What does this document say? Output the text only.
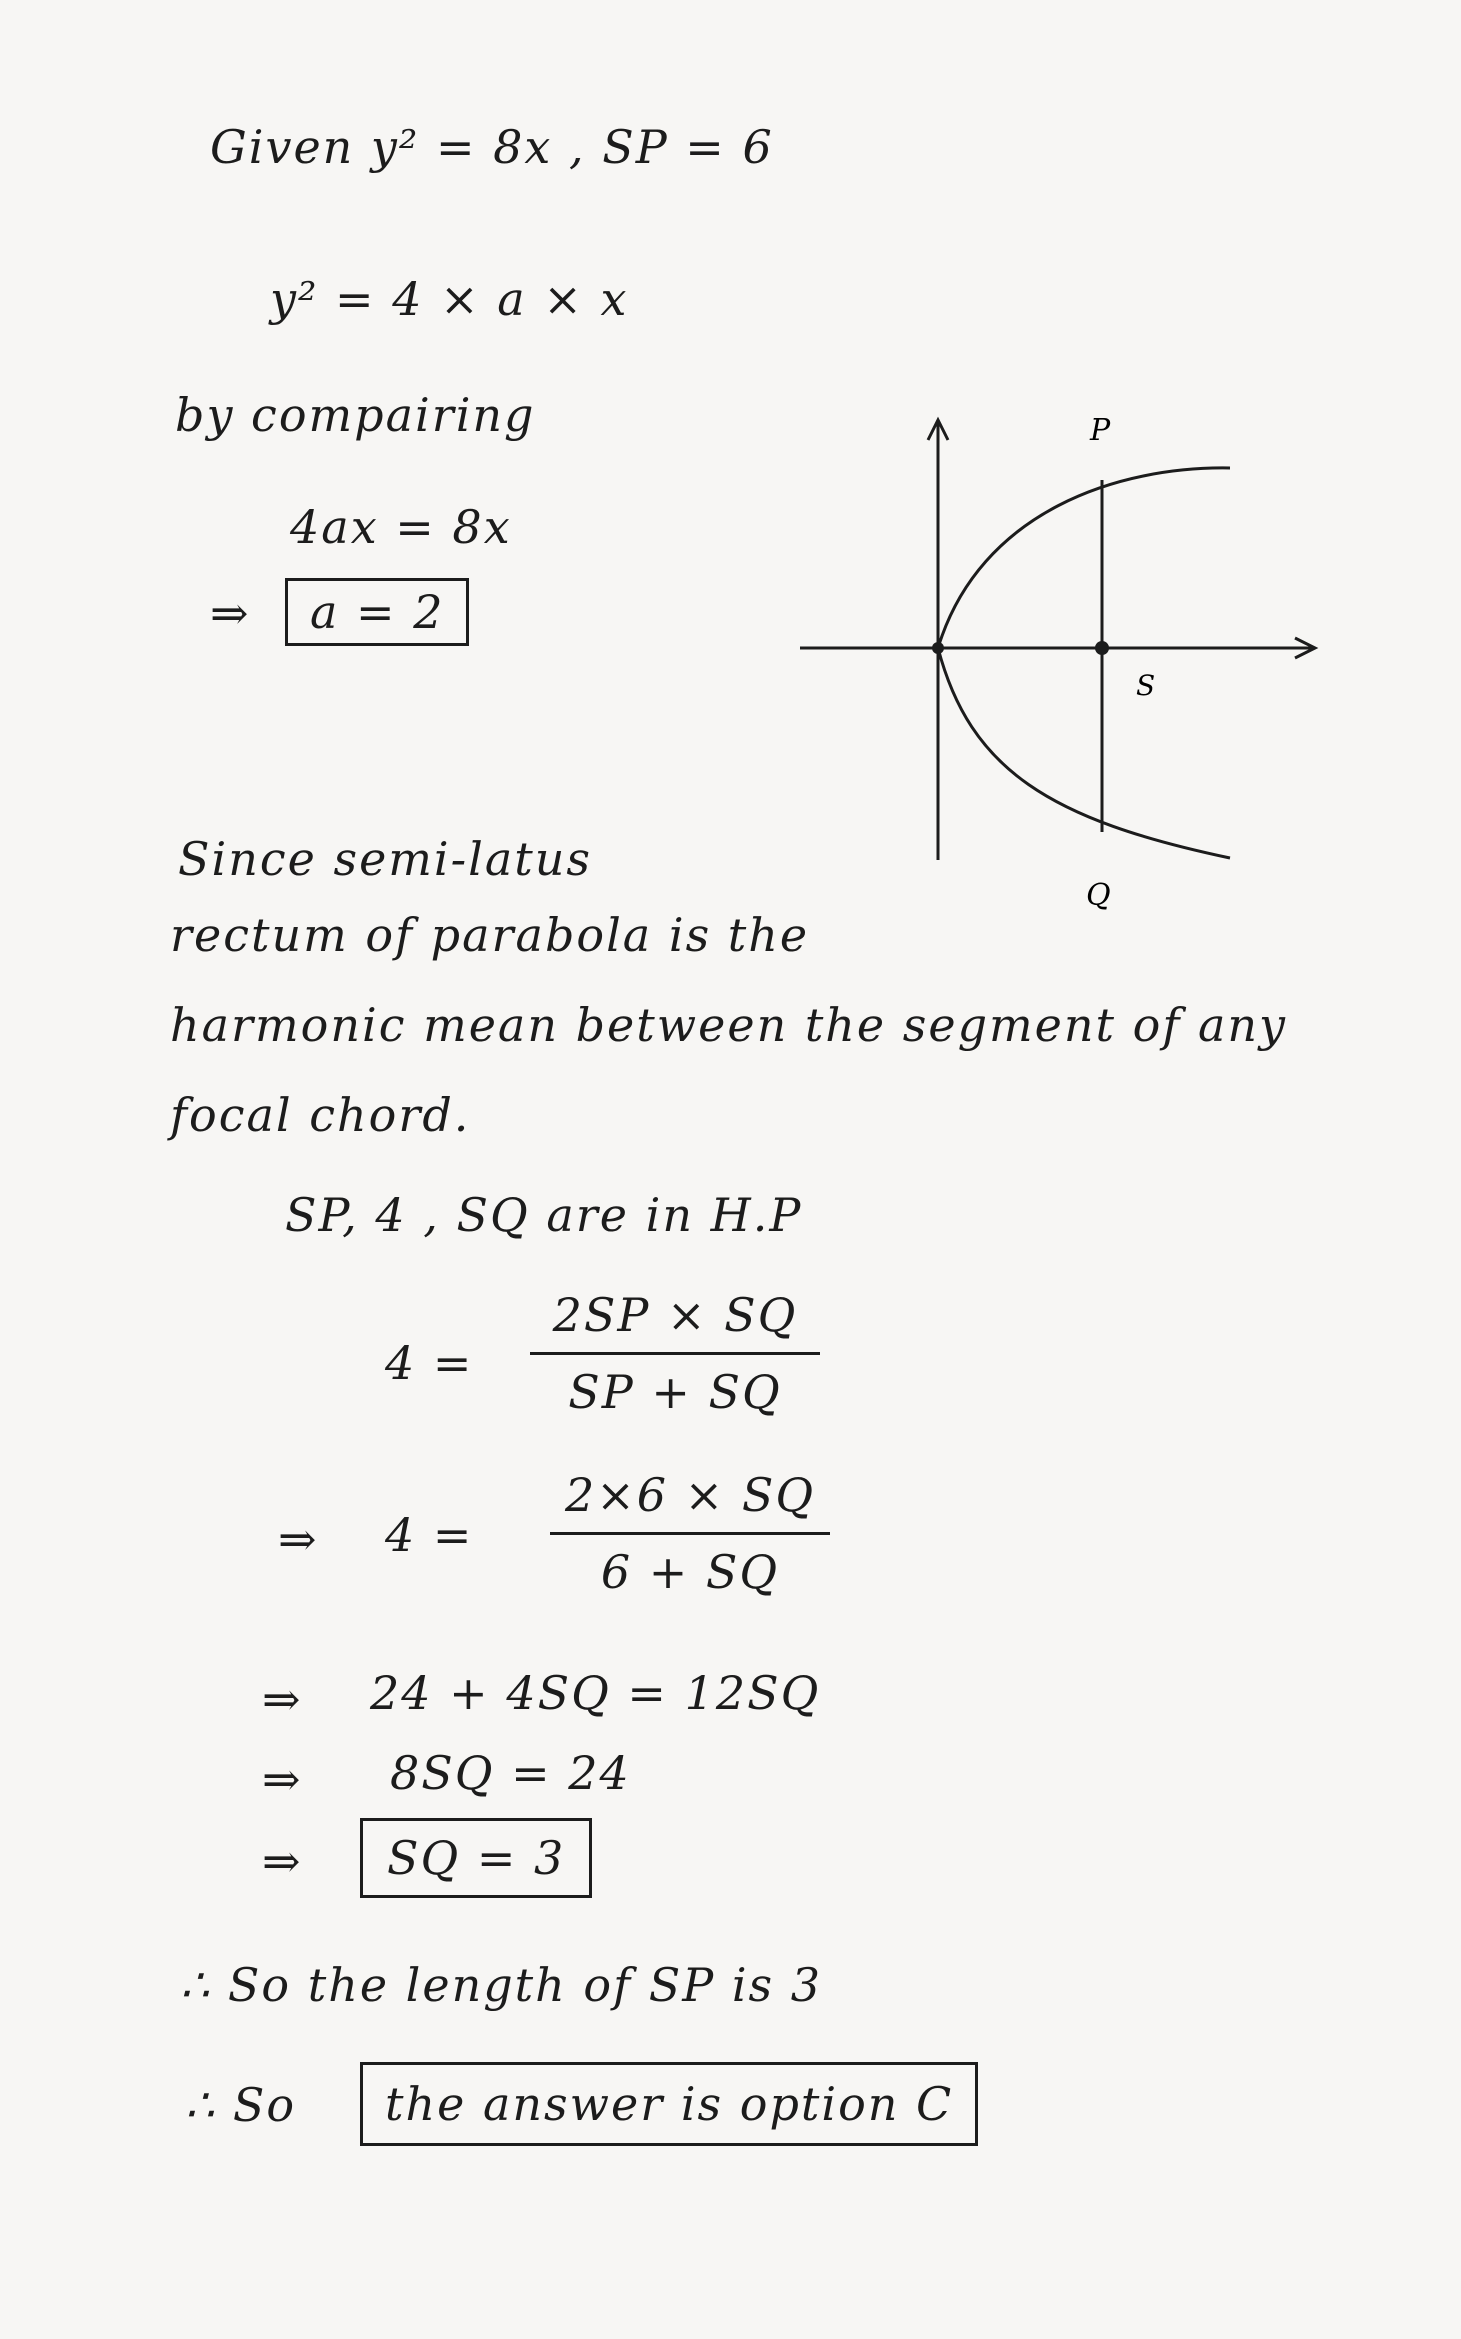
Given y² = 8x , SP = 6
y² = 4 × a × x
by compairing
4ax = 8x
⇒	a = 2
P
S
Q
Since semi-latus
rectum of parabola is the
harmonic mean between the segment of any
focal chord.
SP, 4 , SQ are in H.P
4 =
2SP × SQ
SP + SQ
⇒ 4 =
2×6 × SQ
6 + SQ
⇒ 24 + 4SQ = 12SQ
⇒ 8SQ = 24
⇒	SQ = 3
∴ So the length of SP is 3
∴ So	the answer is option C
